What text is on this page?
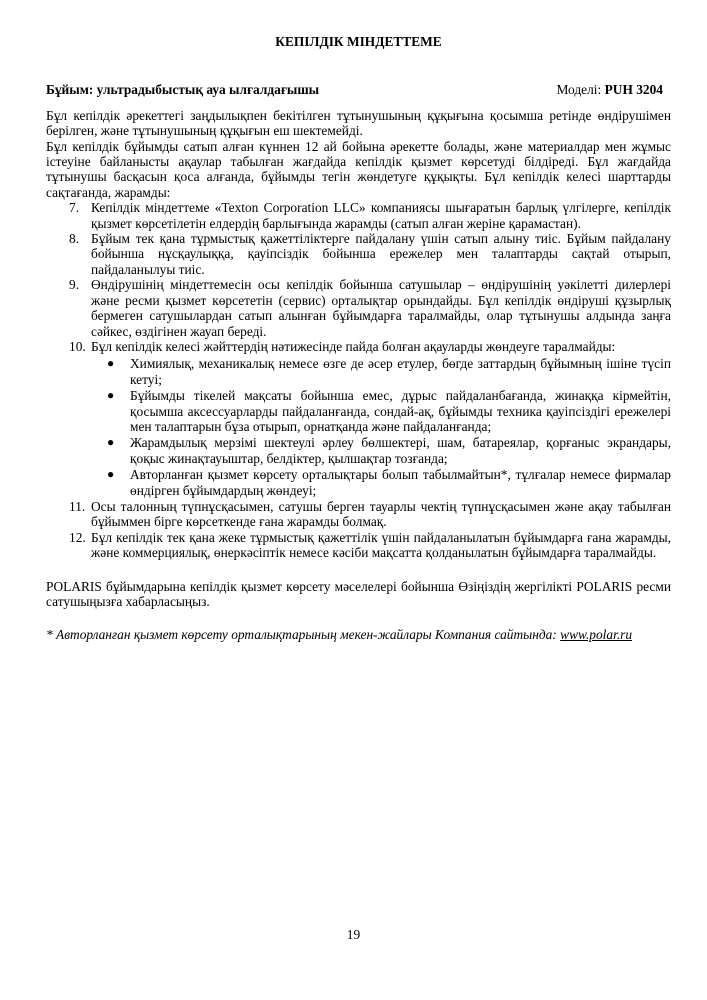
КЕПІЛДІК МІНДЕТТЕМЕ
Бұйым: ультрадыбыстық ауа ылғалдағышы	Моделі: PUH 3204

Бұл кепілдік әрекеттегі заңдылықпен бекітілген тұтынушының құқығына қосымша ретінде өндірушімен берілген, және тұтынушының құқығын еш шектемейді.

Бұл кепілдік бұйымды сатып алған күннен 12 ай бойына әрекетте болады, және материалдар мен жұмыс істеуіне байланысты ақаулар табылған жағдайда кепілдік қызмет көрсетуді білдіреді. Бұл жағдайда тұтынушы басқасын қоса алғанда, бұйымды тегін жөндетуге құқықты. Бұл кепілдік келесі шарттарды сақтағанда, жарамды:

7. Кепілдік міндеттеме «Texton Corporation LLC» компаниясы шығаратын барлық үлгілерге, кепілдік қызмет көрсетілетін елдердің барлығында жарамды (сатып алған жеріне қарамастан).
8. Бұйым тек қана тұрмыстық қажеттіліктерге пайдалану үшін сатып алыну тиіс. Бұйым пайдалану бойынша нұсқаулыққа, қауіпсіздік бойынша ережелер мен талаптарды сақтай отырып, пайдаланылуы тиіс.
9. Өндірушінің міндеттемесін осы кепілдік бойынша сатушылар – өндірушінің уәкілетті дилерлері және ресми қызмет көрсететін (сервис) орталықтар орындайды. Бұл кепілдік өндіруші құзырлық бермеген сатушылардан сатып алынған бұйымдарға таралмайды, олар тұтынушы алдында заңға сәйкес, өздігінен жауап береді.
10. Бұл кепілдік келесі жәйттердің нәтижесінде пайда болған ақауларды жөндеуге таралмайды:
● Химиялық, механикалық немесе өзге де әсер етулер, бөгде заттардың бұйымның ішіне түсіп кетуі;
● Бұйымды тікелей мақсаты бойынша емес, дұрыс пайдаланбағанда, жинаққа кірмейтін, қосымша аксессуарларды пайдаланғанда, сондай-ақ, бұйымды техника қауіпсіздігі ережелері мен талаптарын бұза отырып, орнатқанда және пайдаланғанда;
● Жарамдылық мерзімі шектеулі әрлеу бөлшектері, шам, батареялар, қорғаныс экрандары, қоқыс жинақтауыштар, белдіктер, қылшақтар тозғанда;
● Авторланған қызмет көрсету орталықтары болып табылмайтын*, тұлғалар немесе фирмалар өндірген бұйымдардың жөндеуі;
11. Осы талонның түпнұсқасымен, сатушы берген тауарлы чектің түпнұсқасымен және ақау табылған бұйыммен бірге көрсеткенде ғана жарамды болмақ.
12. Бұл кепілдік тек қана жеке тұрмыстық қажеттілік үшін пайдаланылатын бұйымдарға ғана жарамды, және коммерциялық, өнеркәсіптік немесе кәсіби мақсатта қолданылатын бұйымдарға таралмайды.

POLARIS бұйымдарына кепілдік қызмет көрсету мәселелері бойынша Өзіңіздің жергілікті POLARIS ресми сатушыңызға хабарласыңыз.

* Авторланған қызмет көрсету орталықтарының мекен-жайлары Компания сайтында: www.polar.ru

19
